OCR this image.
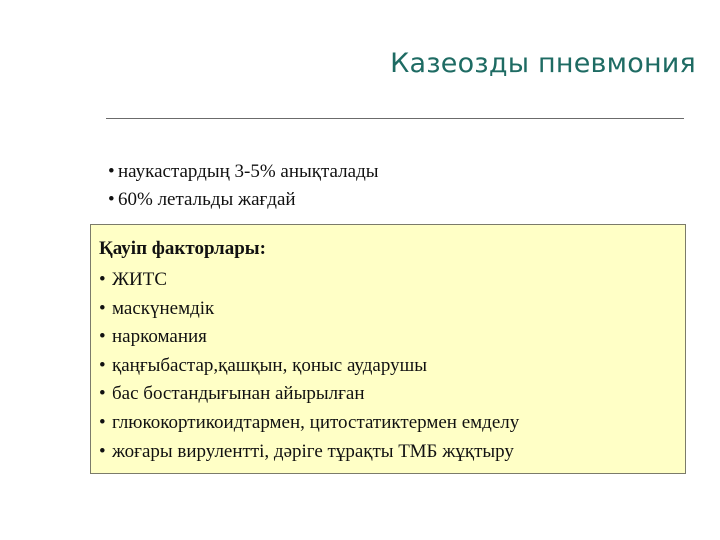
Казеозды пневмония
• наукастардың 3-5% анықталады
• 60% летальды жағдай
Қауіп факторлары:
• ЖИТС
• маскүнемдік
• наркомания
• қаңғыбастар,қашқын, қоныс аударушы
• бас бостандығынан айырылған
• глюкокортикоидтармен, цитостатиктермен емделу
• жоғары вирулентті, дәріге тұрақты ТМБ жұқтыру
